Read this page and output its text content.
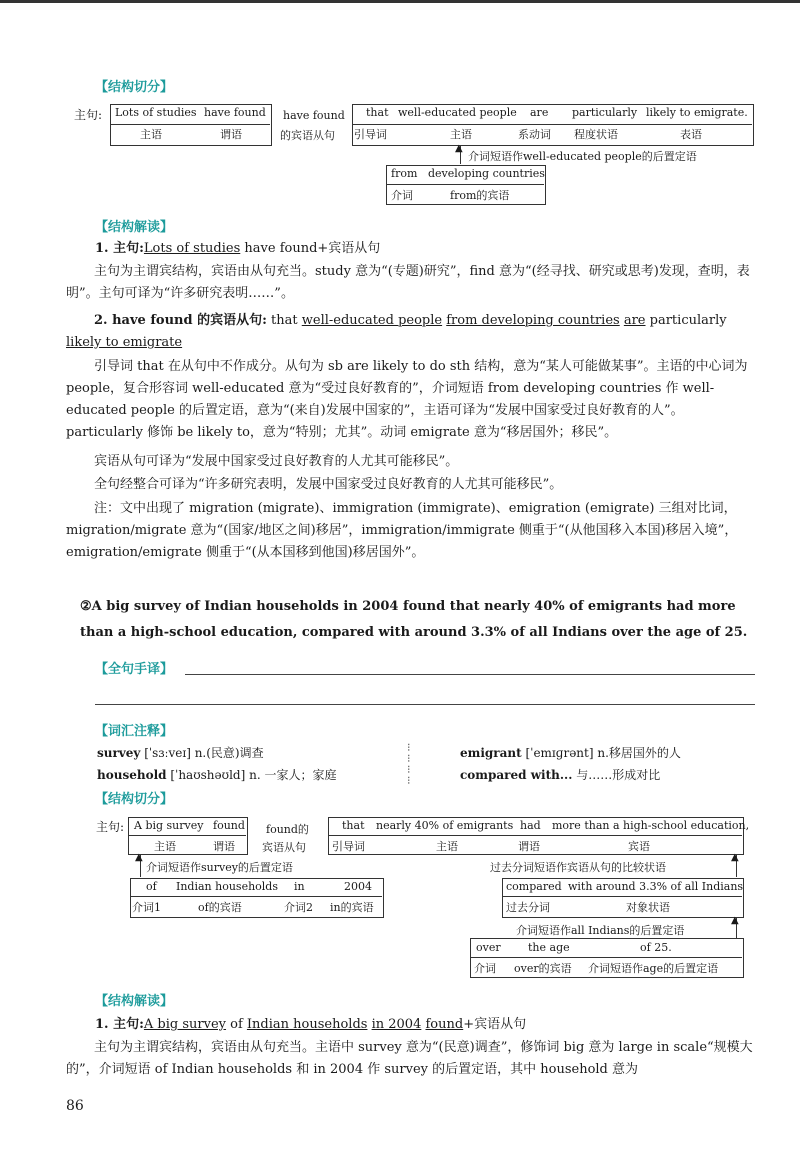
【结构切分】
主句: Lots of studies
主语
have found
谓语
have found
的宾语从句
that
引导词
well-educated people
主语
are
系动词
particularly
程度状语
likely to emigrate.
表语
▲
介词短语作well-educated people的后置定语
from
介词
developing countries
from的宾语
【结构解读】
1. 主句:Lots of studies have found+宾语从句
主句为主谓宾结构，宾语由从句充当。study 意为“(专题)研究”，find 意为“(经寻找、研究或思考)发现，查明，表明”。主句可译为“许多研究表明……”。
2. have found 的宾语从句: that well-educated people from developing countries are particularly likely to emigrate
引导词 that 在从句中不作成分。从句为 sb are likely to do sth 结构，意为“某人可能做某事”。主语的中心词为 people，复合形容词 well-educated 意为“受过良好教育的”，介词短语 from developing countries 作 well-educated people 的后置定语，意为“(来自)发展中国家的”，主语可译为“发展中国家受过良好教育的人”。particularly 修饰 be likely to，意为“特别；尤其”。动词 emigrate 意为“移居国外；移民”。
宾语从句可译为“发展中国家受过良好教育的人尤其可能移民”。
全句经整合可译为“许多研究表明，发展中国家受过良好教育的人尤其可能移民”。
注：文中出现了 migration (migrate)、immigration (immigrate)、emigration (emigrate) 三组对比词，migration/migrate 意为“(国家/地区之间)移居”，immigration/immigrate 侧重于“(从他国移入本国)移居入境”，emigration/emigrate 侧重于“(从本国移到他国)移居国外”。
②A big survey of Indian households in 2004 found that nearly 40% of emigrants had more than a high-school education, compared with around 3.3% of all Indians over the age of 25.
【全句手译】
【词汇注释】
survey [ˈsɜːveɪ] n.(民意)调查
household [ˈhaʊshəʊld] n. 一家人；家庭
⁝
⁝
⁝
⁝
emigrant [ˈemɪɡrənt] n.移居国外的人
compared with... 与……形成对比
【结构切分】
主句: A big survey
主语
found
谓语
found的
宾语从句
that
引导词
nearly 40% of emigrants
主语
had
谓语
more than a high-school education,
宾语
▲
介词短语作survey的后置定语
▲
过去分词短语作宾语从句的比较状语
of
介词1
Indian households
of的宾语
in
介词2
2004
in的宾语
compared
过去分词
with around 3.3% of all Indians
对象状语
▲
介词短语作all Indians的后置定语
over
介词
the age
over的宾语
of 25.
介词短语作age的后置定语
【结构解读】
1. 主句:A big survey of Indian households in 2004 found+宾语从句
主句为主谓宾结构，宾语由从句充当。主语中 survey 意为“(民意)调查”，修饰词 big 意为 large in scale“规模大的”，介词短语 of Indian households 和 in 2004 作 survey 的后置定语，其中 household 意为
86
